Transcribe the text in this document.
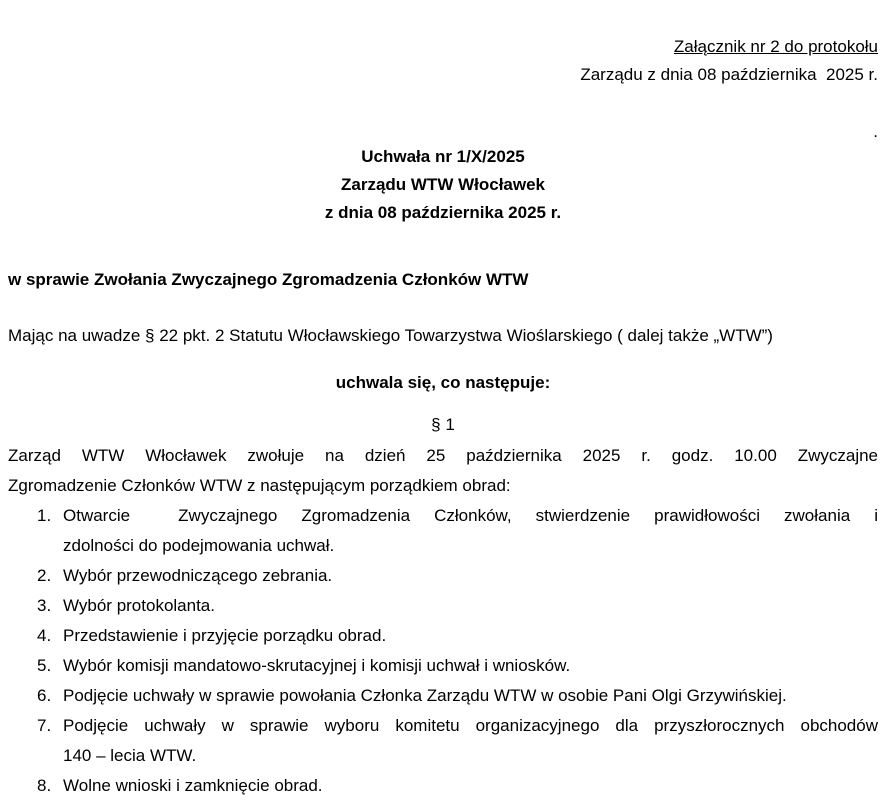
Załącznik nr 2 do protokołu
Zarządu z dnia 08 października  2025 r.
.
Uchwała nr 1/X/2025
Zarządu WTW Włocławek
z dnia 08 października 2025 r.
w sprawie Zwołania Zwyczajnego Zgromadzenia Członków WTW
Mając na uwadze § 22 pkt. 2 Statutu Włocławskiego Towarzystwa Wioślarskiego ( dalej także „WTW”)
uchwala się, co następuje:
§ 1
Zarząd WTW Włocławek zwołuje na dzień 25 października 2025 r. godz. 10.00 Zwyczajne
Zgromadzenie Członków WTW z następującym porządkiem obrad:
1. Otwarcie  Zwyczajnego Zgromadzenia Członków, stwierdzenie prawidłowości zwołania i
zdolności do podejmowania uchwał.
2. Wybór przewodniczącego zebrania.
3. Wybór protokolanta.
4. Przedstawienie i przyjęcie porządku obrad.
5. Wybór komisji mandatowo-skrutacyjnej i komisji uchwał i wniosków.
6. Podjęcie uchwały w sprawie powołania Członka Zarządu WTW w osobie Pani Olgi Grzywińskiej.
7. Podjęcie uchwały w sprawie wyboru komitetu organizacyjnego dla przyszłorocznych obchodów
140 – lecia WTW.
8. Wolne wnioski i zamknięcie obrad.
